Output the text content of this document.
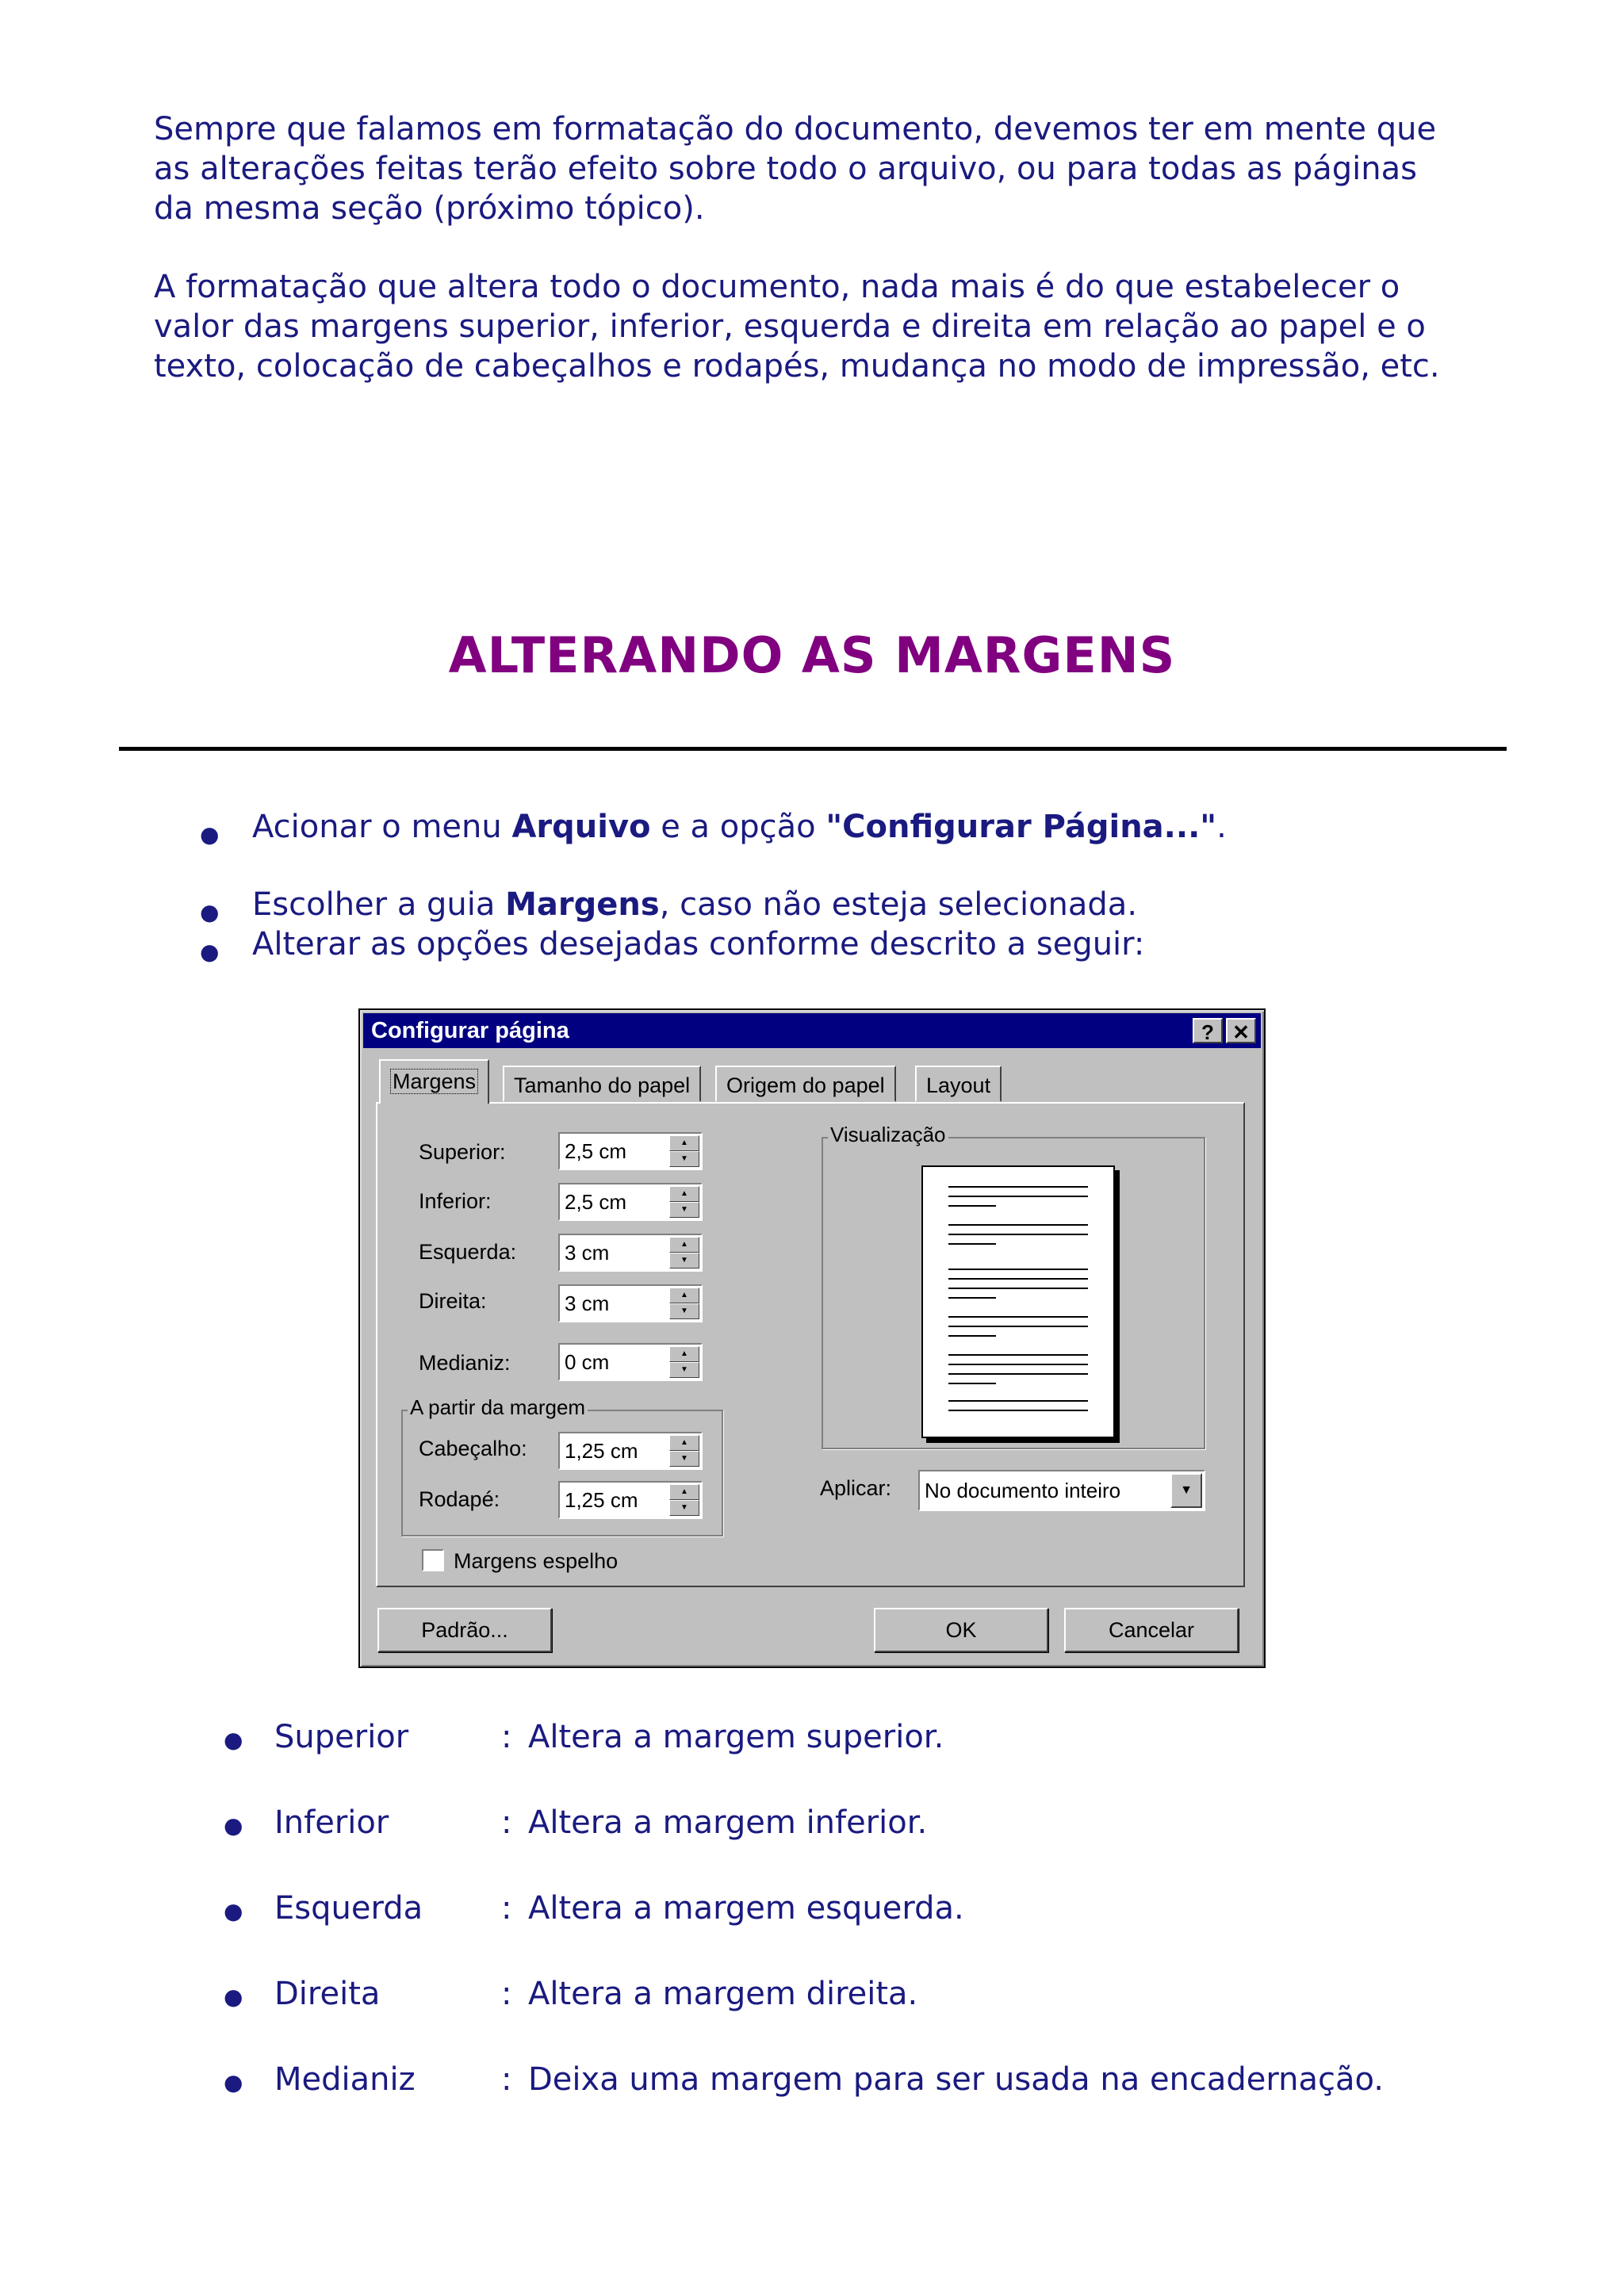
Sempre que falamos em formatação do documento, devemos ter em mente que as alterações feitas terão efeito sobre todo o arquivo, ou para todas as páginas da mesma seção (próximo tópico).
A formatação que altera todo o documento, nada mais é do que estabelecer o valor das margens superior, inferior, esquerda e direita em relação ao papel e o texto, colocação de cabeçalhos e rodapés, mudança no modo de impressão, etc.
ALTERANDO AS MARGENS
● Acionar o menu Arquivo e a opção "Configurar Página...".
● Escolher a guia Margens, caso não esteja selecionada.
● Alterar as opções desejadas conforme descrito a seguir:
Configurar página	? ✕
Margens	Tamanho do papel	Origem do papel	Layout
Superior:	2,5 cm	▲
▼
Inferior:	2,5 cm	▲
▼
Esquerda: 3 cm	▲
▼
Direita:	3 cm	▲
▼
Medianiz:	0 cm	▲
▼
A partir da margem
Cabeçalho: 1,25 cm	▲
▼
Rodapé:	1,25 cm	▲
▼
Visualização
Aplicar: No documento inteiro	▼
Margens espelho
Padrão...	OK	Cancelar
● Superior	: Altera a margem superior.
● Inferior	: Altera a margem inferior.
● Esquerda : Altera a margem esquerda.
● Direita	: Altera a margem direita.
● Medianiz	: Deixa uma margem para ser usada na encadernação.
